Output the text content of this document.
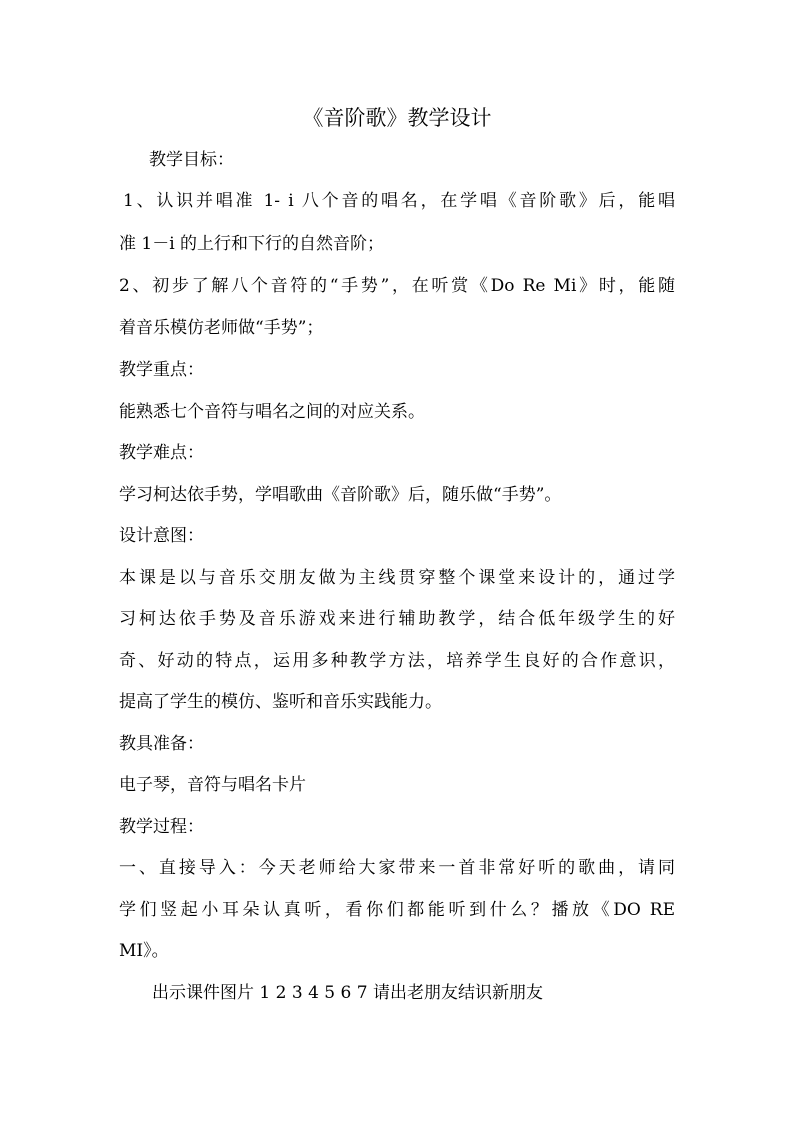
《音阶歌》教学设计
教学目标：
1、认识并唱准 1- i 八个音的唱名，在学唱《音阶歌》后，能唱
准 1－i 的上行和下行的自然音阶；
2、初步了解八个音符的“手势”，在听赏《Do Re Mi》时，能随
着音乐模仿老师做“手势”；
教学重点：
能熟悉七个音符与唱名之间的对应关系。
教学难点：
学习柯达依手势，学唱歌曲《音阶歌》后，随乐做“手势”。
设计意图：
本课是以与音乐交朋友做为主线贯穿整个课堂来设计的，通过学
习柯达依手势及音乐游戏来进行辅助教学，结合低年级学生的好
奇、好动的特点，运用多种教学方法，培养学生良好的合作意识，
提高了学生的模仿、鉴听和音乐实践能力。
教具准备：
电子琴，音符与唱名卡片
教学过程：
一、直接导入：今天老师给大家带来一首非常好听的歌曲，请同
学们竖起小耳朵认真听，看你们都能听到什么？播放《DO RE
MI》。
出示课件图片 1 2 3 4 5 6 7 请出老朋友结识新朋友
